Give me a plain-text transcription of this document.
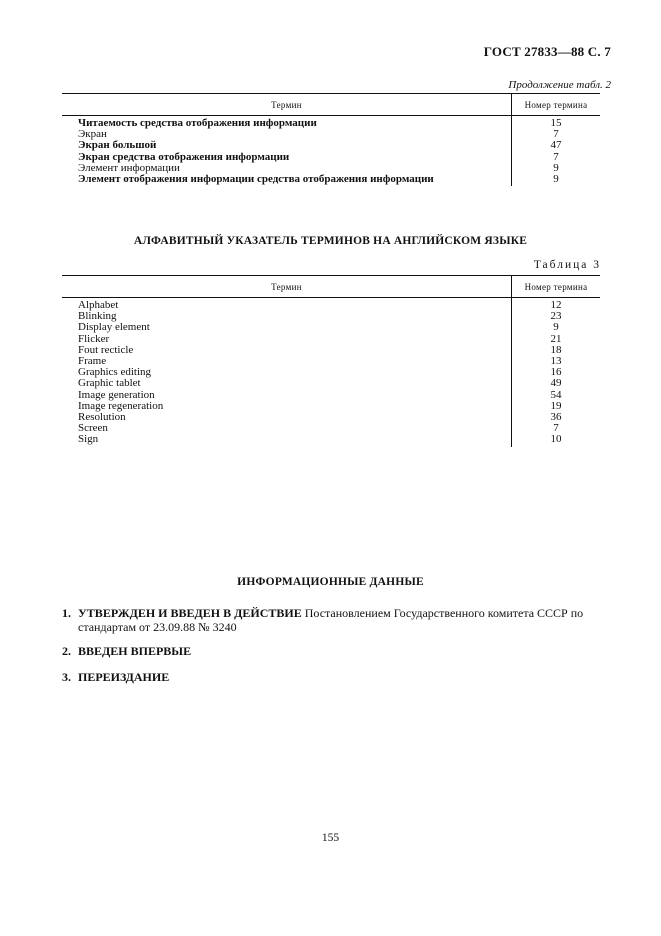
ГОСТ 27833—88 С. 7
Продолжение табл. 2
Термин	Номер термина
Читаемость средства отображения информации	15
Экран	7
Экран большой	47
Экран средства отображения информации	7
Элемент информации	9
Элемент отображения информации средства отображения информации	9
АЛФАВИТНЫЙ УКАЗАТЕЛЬ ТЕРМИНОВ НА АНГЛИЙСКОМ ЯЗЫКЕ
Таблица 3
Термин	Номер термина
Alphabet	12
Blinking	23
Display element	9
Flicker	21
Fout recticle	18
Frame	13
Graphics editing	16
Graphic tablet	49
Image generation	54
Image regeneration	19
Resolution	36
Screen	7
Sign	10
ИНФОРМАЦИОННЫЕ ДАННЫЕ
1. УТВЕРЖДЕН И ВВЕДЕН В ДЕЙСТВИЕ Постановлением Государственного комитета СССР по стандартам от 23.09.88 № 3240
2. ВВЕДЕН ВПЕРВЫЕ
3. ПЕРЕИЗДАНИЕ
155
